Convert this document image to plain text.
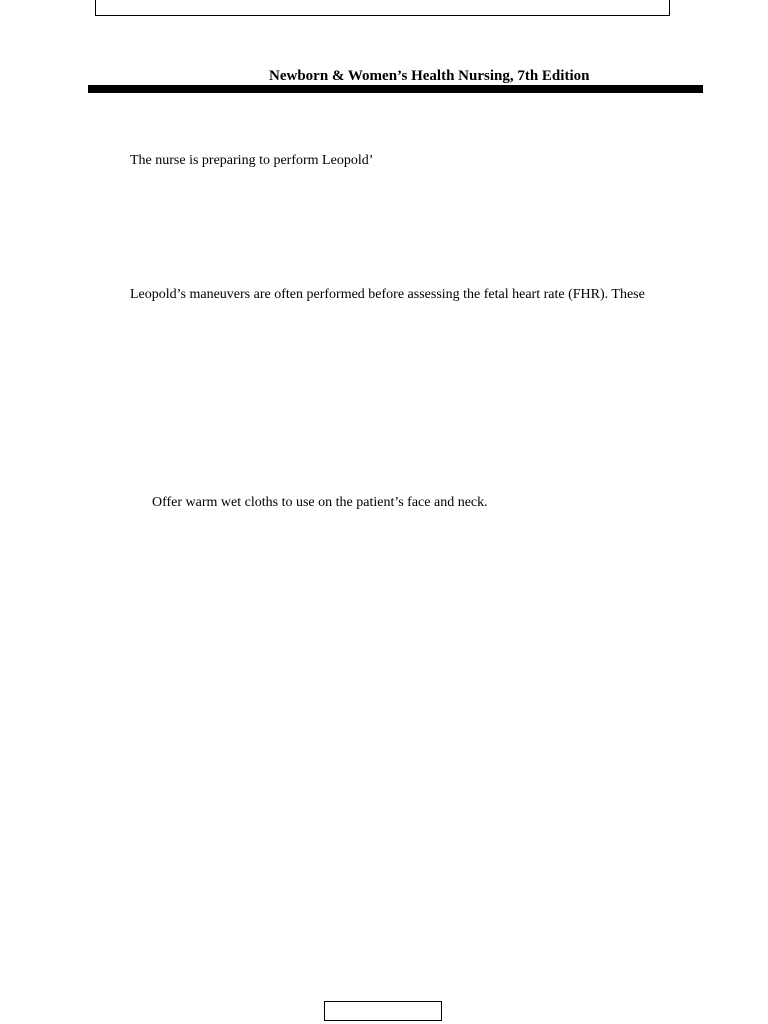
Newborn & Women’s Health Nursing, 7th Edition
The nurse is preparing to perform Leopold’
Leopold’s maneuvers are often performed before assessing the fetal heart rate (FHR). These
Offer warm wet cloths to use on the patient’s face and neck.
